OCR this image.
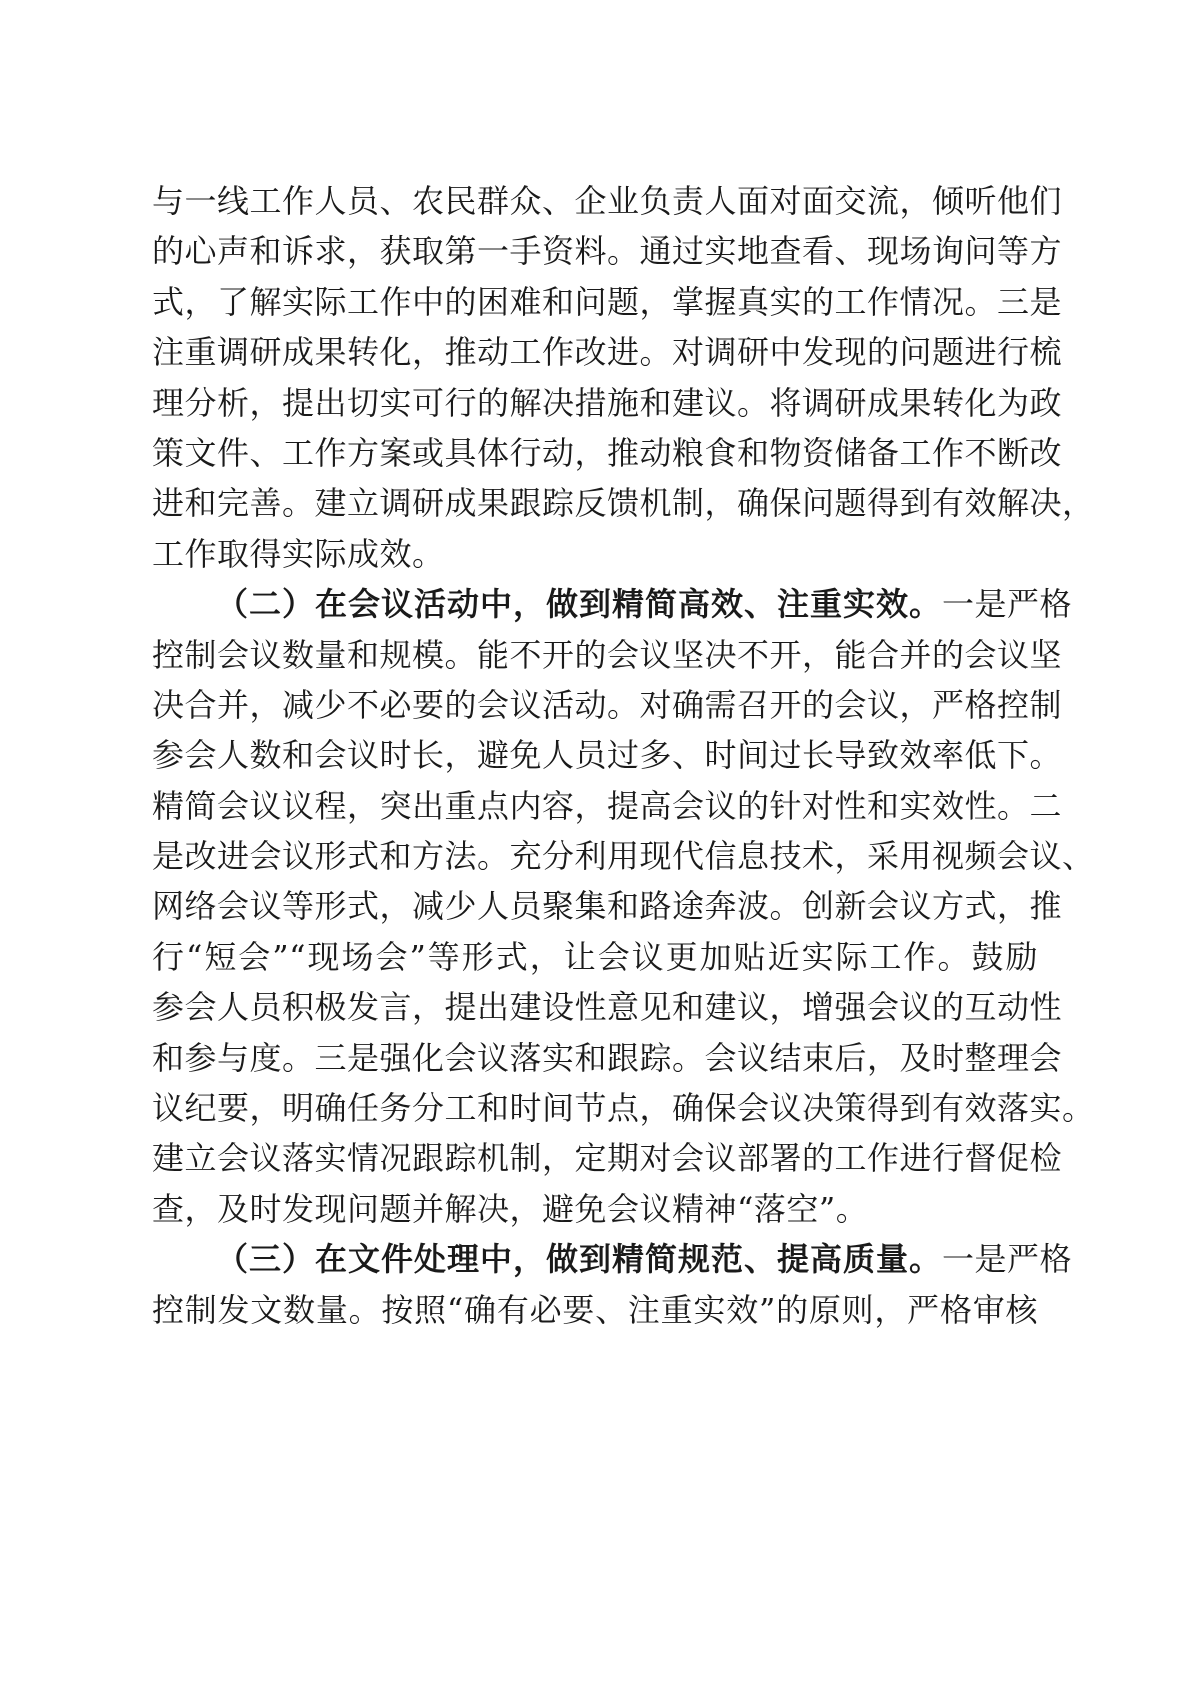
与一线工作人员、农民群众、企业负责人面对面交流，倾听他们
的心声和诉求，获取第一手资料。通过实地查看、现场询问等方
式，了解实际工作中的困难和问题，掌握真实的工作情况。三是
注重调研成果转化，推动工作改进。对调研中发现的问题进行梳
理分析，提出切实可行的解决措施和建议。将调研成果转化为政
策文件、工作方案或具体行动，推动粮食和物资储备工作不断改
进和完善。建立调研成果跟踪反馈机制，确保问题得到有效解决，
工作取得实际成效。
（二）在会议活动中，做到精简高效、注重实效。一是严格
控制会议数量和规模。能不开的会议坚决不开，能合并的会议坚
决合并，减少不必要的会议活动。对确需召开的会议，严格控制
参会人数和会议时长，避免人员过多、时间过长导致效率低下。
精简会议议程，突出重点内容，提高会议的针对性和实效性。二
是改进会议形式和方法。充分利用现代信息技术，采用视频会议、
网络会议等形式，减少人员聚集和路途奔波。创新会议方式，推
行“短会”“现场会”等形式，让会议更加贴近实际工作。鼓励
参会人员积极发言，提出建设性意见和建议，增强会议的互动性
和参与度。三是强化会议落实和跟踪。会议结束后，及时整理会
议纪要，明确任务分工和时间节点，确保会议决策得到有效落实。
建立会议落实情况跟踪机制，定期对会议部署的工作进行督促检
查，及时发现问题并解决，避免会议精神“落空”。
（三）在文件处理中，做到精简规范、提高质量。一是严格
控制发文数量。按照“确有必要、注重实效”的原则，严格审核
